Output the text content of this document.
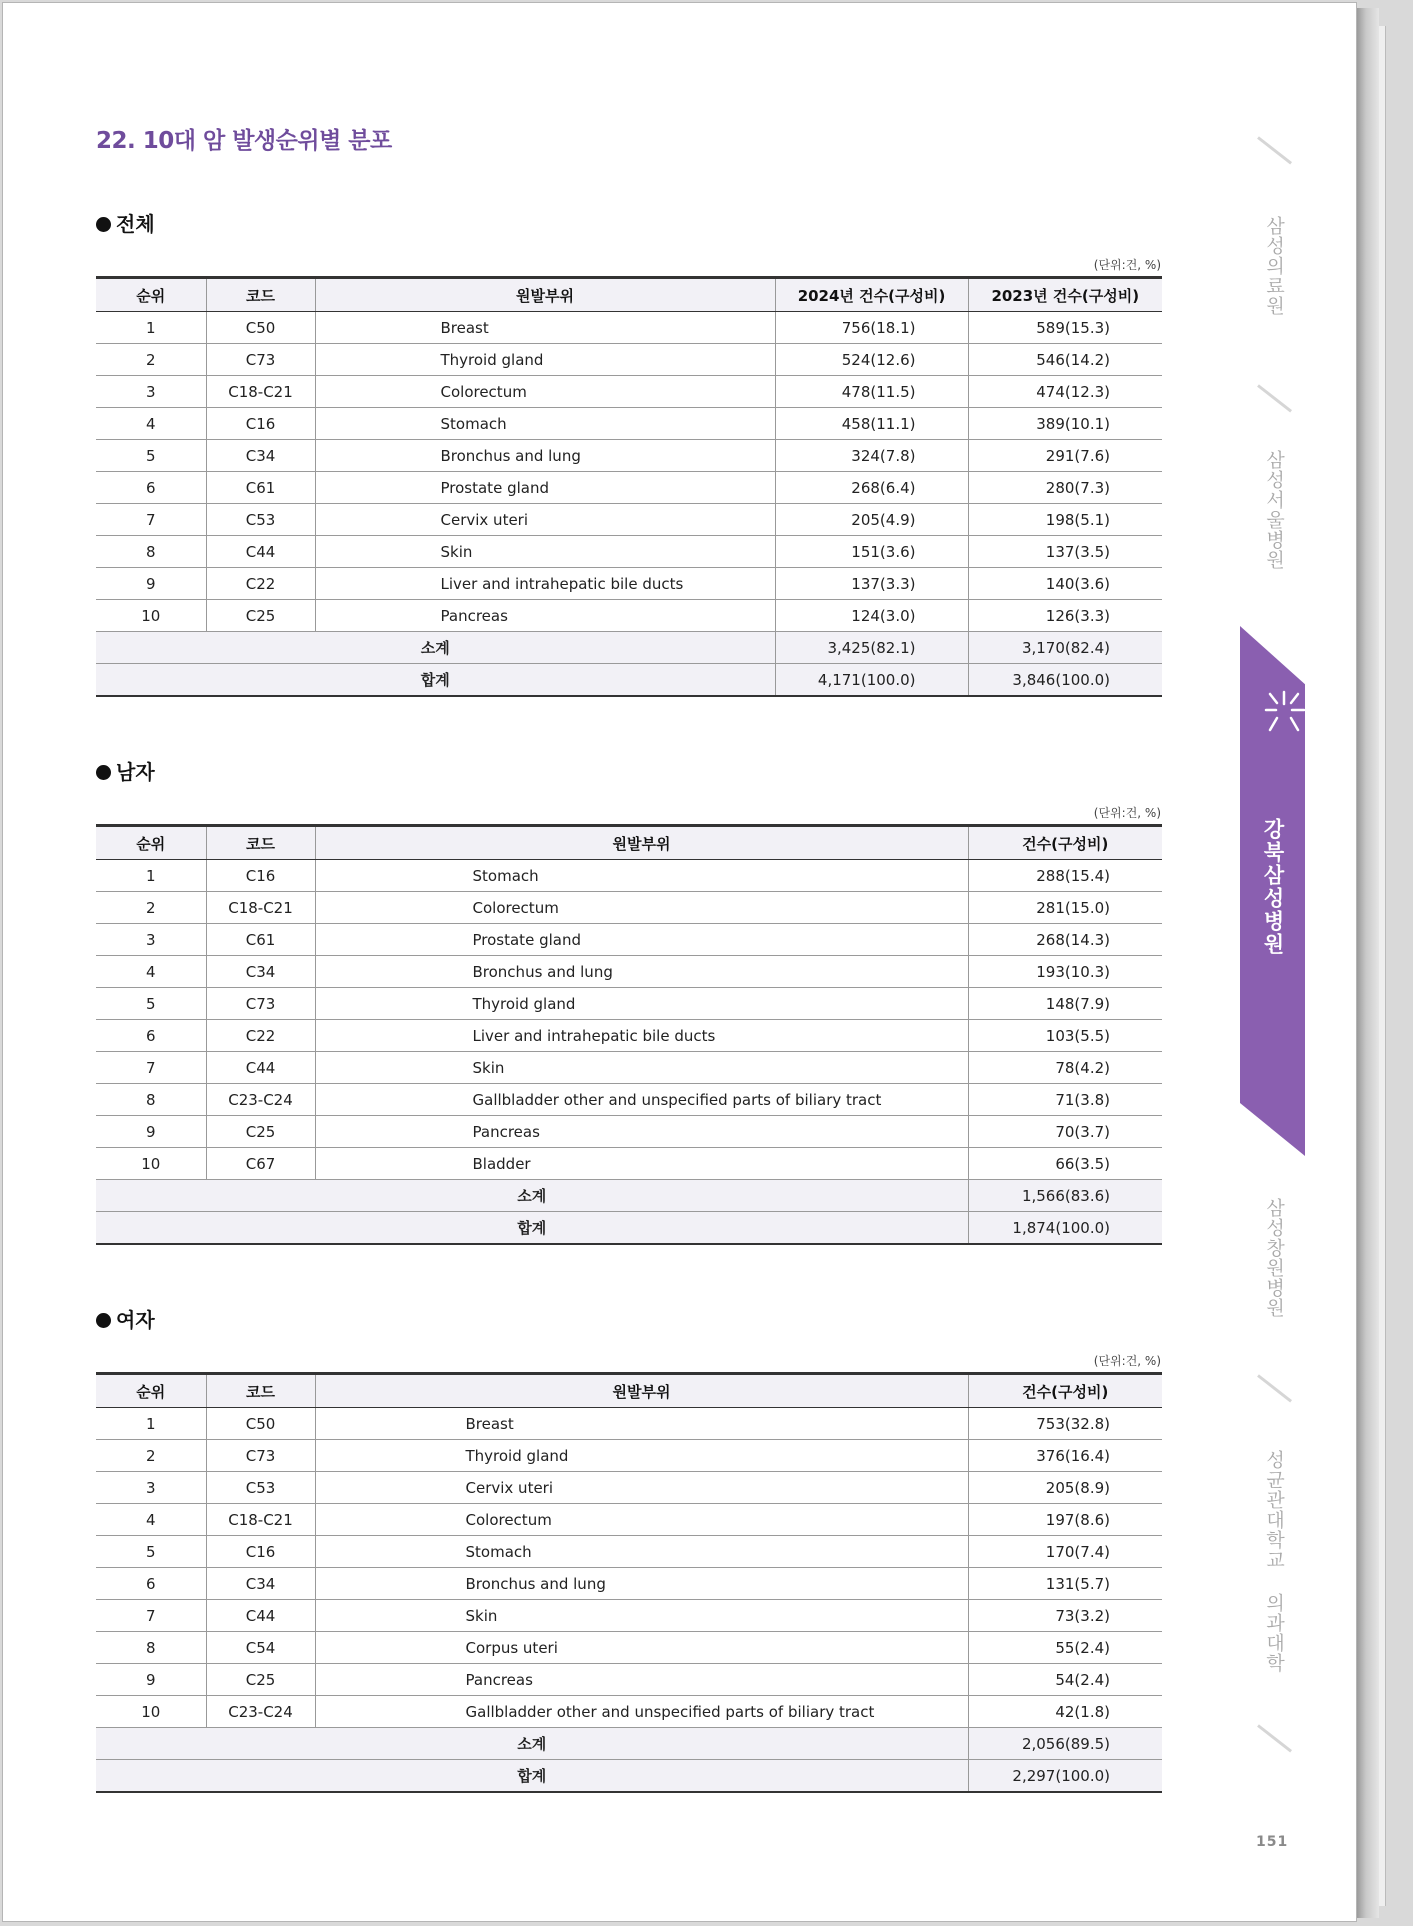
22. 10대 암 발생순위별 분포
전체
(단위:건, %)
순위	코드	원발부위	2024년 건수(구성비)	2023년 건수(구성비)
1	C50	Breast	756(18.1)	589(15.3)
2	C73	Thyroid gland	524(12.6)	546(14.2)
3	C18-C21	Colorectum	478(11.5)	474(12.3)
4	C16	Stomach	458(11.1)	389(10.1)
5	C34	Bronchus and lung	324(7.8)	291(7.6)
6	C61	Prostate gland	268(6.4)	280(7.3)
7	C53	Cervix uteri	205(4.9)	198(5.1)
8	C44	Skin	151(3.6)	137(3.5)
9	C22	Liver and intrahepatic bile ducts	137(3.3)	140(3.6)
10	C25	Pancreas	124(3.0)	126(3.3)
소계			3,425(82.1)	3,170(82.4)
합계			4,171(100.0)	3,846(100.0)
남자
(단위:건, %)
순위	코드	원발부위	건수(구성비)
1	C16	Stomach	288(15.4)
2	C18-C21	Colorectum	281(15.0)
3	C61	Prostate gland	268(14.3)
4	C34	Bronchus and lung	193(10.3)
5	C73	Thyroid gland	148(7.9)
6	C22	Liver and intrahepatic bile ducts	103(5.5)
7	C44	Skin	78(4.2)
8	C23-C24	Gallbladder other and unspecified parts of biliary tract	71(3.8)
9	C25	Pancreas	70(3.7)
10	C67	Bladder	66(3.5)
소계			1,566(83.6)
합계			1,874(100.0)
여자
(단위:건, %)
순위	코드	원발부위	건수(구성비)
1	C50	Breast	753(32.8)
2	C73	Thyroid gland	376(16.4)
3	C53	Cervix uteri	205(8.9)
4	C18-C21	Colorectum	197(8.6)
5	C16	Stomach	170(7.4)
6	C34	Bronchus and lung	131(5.7)
7	C44	Skin	73(3.2)
8	C54	Corpus uteri	55(2.4)
9	C25	Pancreas	54(2.4)
10	C23-C24	Gallbladder other and unspecified parts of biliary tract	42(1.8)
소계			2,056(89.5)
합계			2,297(100.0)
삼성의료원
삼성서울병원
강북삼성병원
삼성창원병원
성균관대학교 의과대학
151
